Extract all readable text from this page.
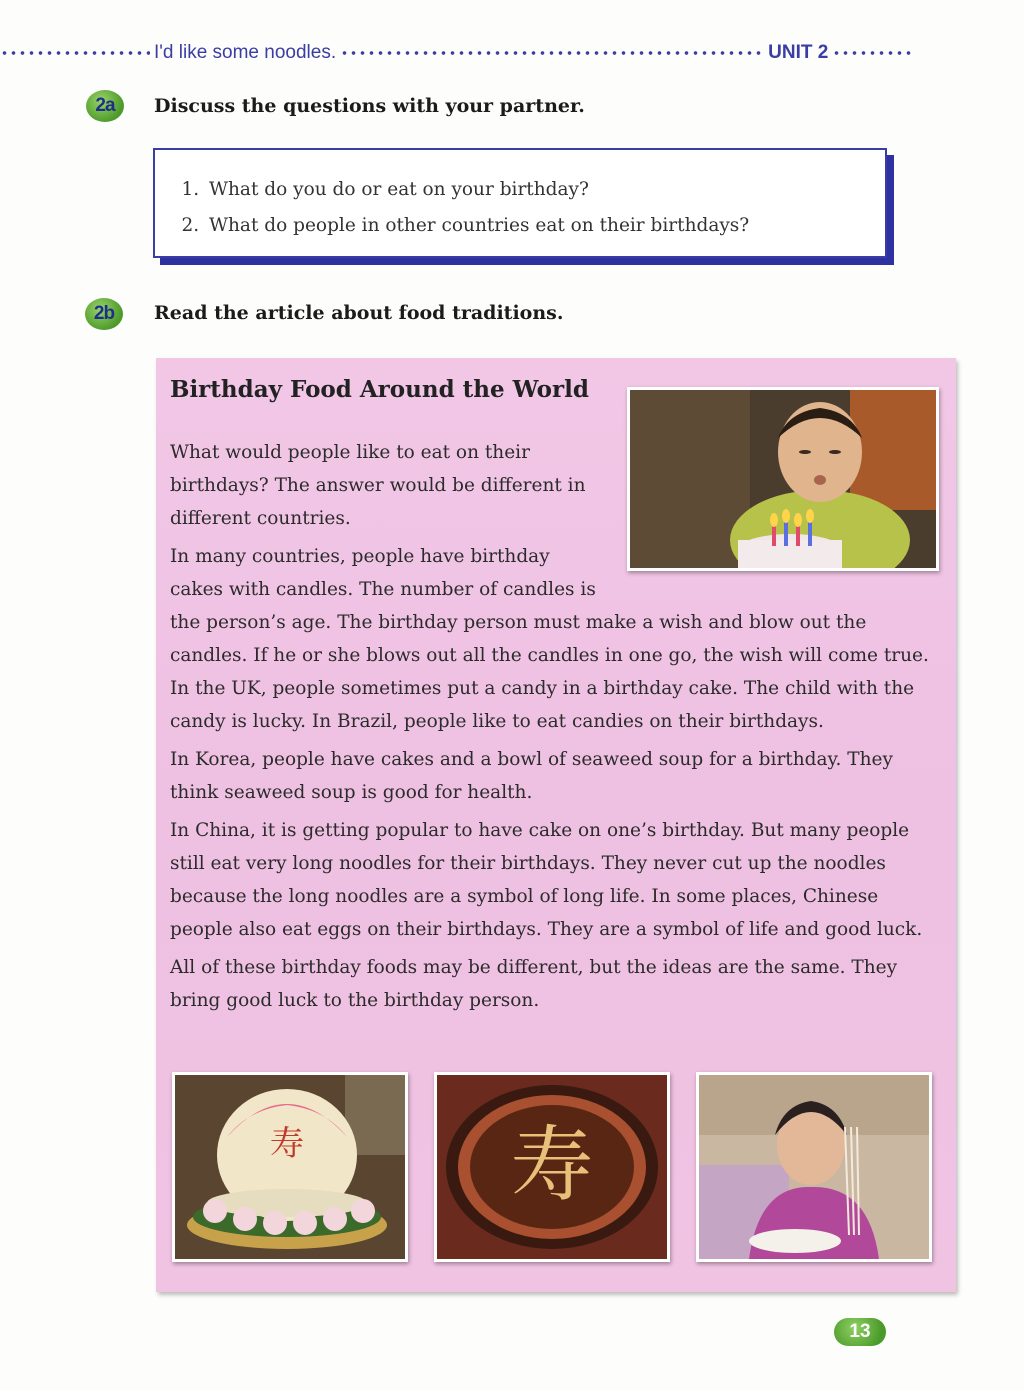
I'd like some noodles.	UNIT 2
2a	Discuss the questions with your partner.
1. What do you do or eat on your birthday?
2. What do people in other countries eat on their birthdays?
2b	Read the article about food traditions.
Birthday Food Around the World

What would people like to eat on their birthdays? The answer would be different in different countries.

In many countries, people have birthday cakes with candles. The number of candles is the person’s age. The birthday person must make a wish and blow out the candles. If he or she blows out all the candles in one go, the wish will come true. In the UK, people sometimes put a candy in a birthday cake. The child with the candy is lucky. In Brazil, people like to eat candies on their birthdays.

In Korea, people have cakes and a bowl of seaweed soup for a birthday. They think seaweed soup is good for health.

In China, it is getting popular to have cake on one’s birthday. But many people still eat very long noodles for their birthdays. They never cut up the noodles because the long noodles are a symbol of long life. In some places, Chinese people also eat eggs on their birthdays. They are a symbol of life and good luck.

All of these birthday foods may be different, but the ideas are the same. They bring good luck to the birthday person.

寿	寿
13
